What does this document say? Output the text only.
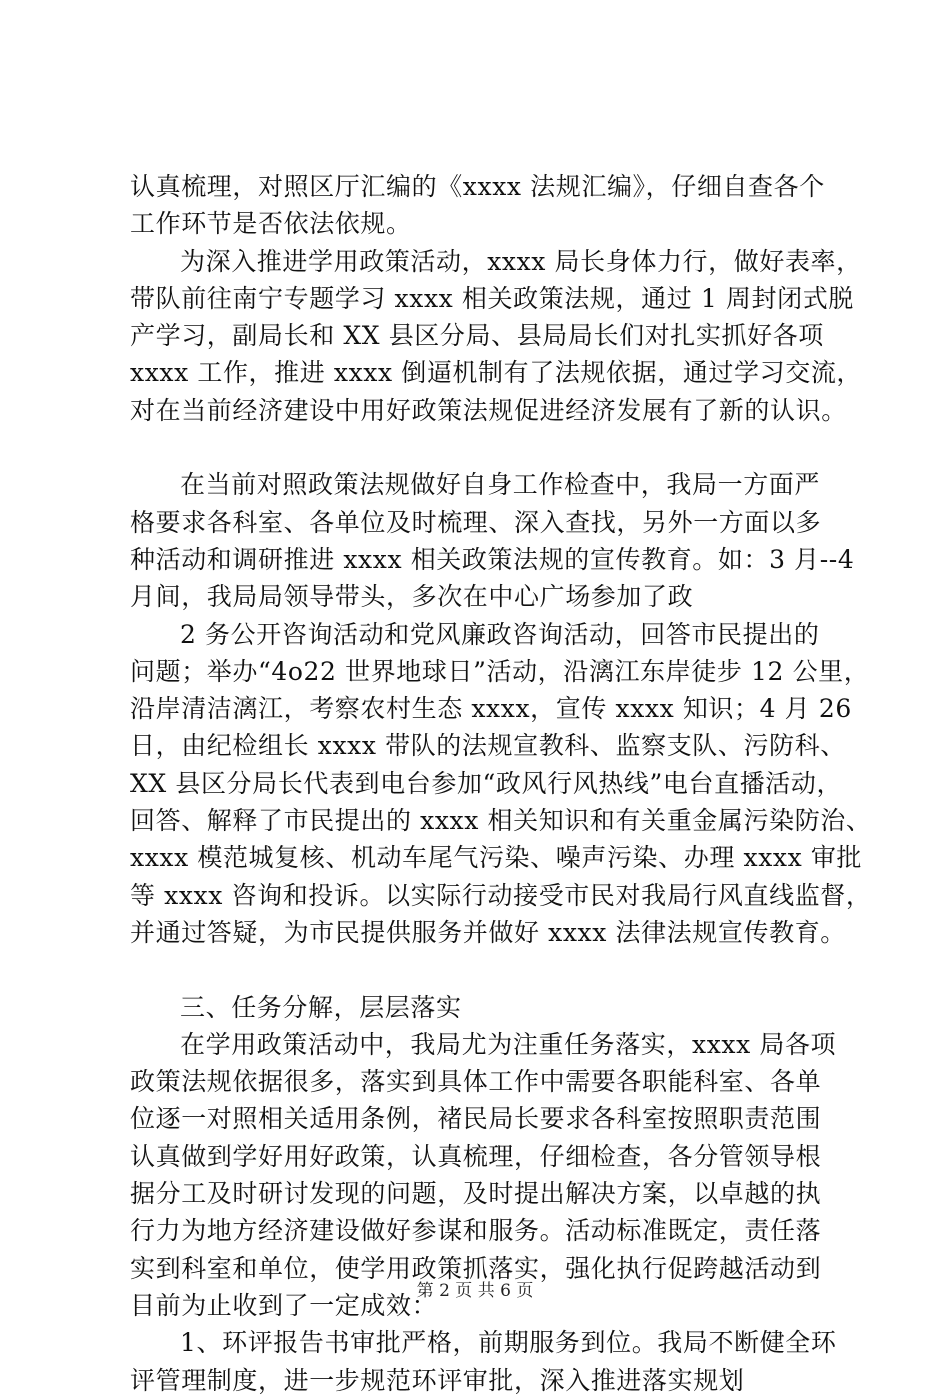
认真梳理，对照区厅汇编的《xxxx 法规汇编》，仔细自查各个
工作环节是否依法依规。
为深入推进学用政策活动，xxxx 局长身体力行，做好表率，
带队前往南宁专题学习 xxxx 相关政策法规，通过 1 周封闭式脱
产学习，副局长和 XX 县区分局、县局局长们对扎实抓好各项
xxxx 工作，推进 xxxx 倒逼机制有了法规依据，通过学习交流，
对在当前经济建设中用好政策法规促进经济发展有了新的认识。
在当前对照政策法规做好自身工作检查中，我局一方面严
格要求各科室、各单位及时梳理、深入查找，另外一方面以多
种活动和调研推进 xxxx 相关政策法规的宣传教育。如：3 月--4
月间，我局局领导带头，多次在中心广场参加了政
2 务公开咨询活动和党风廉政咨询活动，回答市民提出的
问题；举办“4o22 世界地球日”活动，沿漓江东岸徒步 12 公里，
沿岸清洁漓江，考察农村生态 xxxx，宣传 xxxx 知识；4 月 26
日，由纪检组长 xxxx 带队的法规宣教科、监察支队、污防科、
XX 县区分局长代表到电台参加“政风行风热线”电台直播活动，
回答、解释了市民提出的 xxxx 相关知识和有关重金属污染防治、
xxxx 模范城复核、机动车尾气污染、噪声污染、办理 xxxx 审批
等 xxxx 咨询和投诉。以实际行动接受市民对我局行风直线监督，
并通过答疑，为市民提供服务并做好 xxxx 法律法规宣传教育。
三、任务分解，层层落实
在学用政策活动中，我局尤为注重任务落实，xxxx 局各项
政策法规依据很多，落实到具体工作中需要各职能科室、各单
位逐一对照相关适用条例，褚民局长要求各科室按照职责范围
认真做到学好用好政策，认真梳理，仔细检查，各分管领导根
据分工及时研讨发现的问题，及时提出解决方案，以卓越的执
行力为地方经济建设做好参谋和服务。活动标准既定，责任落
实到科室和单位，使学用政策抓落实，强化执行促跨越活动到
目前为止收到了一定成效：
1、环评报告书审批严格，前期服务到位。我局不断健全环
评管理制度，进一步规范环评审批，深入推进落实规划
第 2 页 共 6 页
